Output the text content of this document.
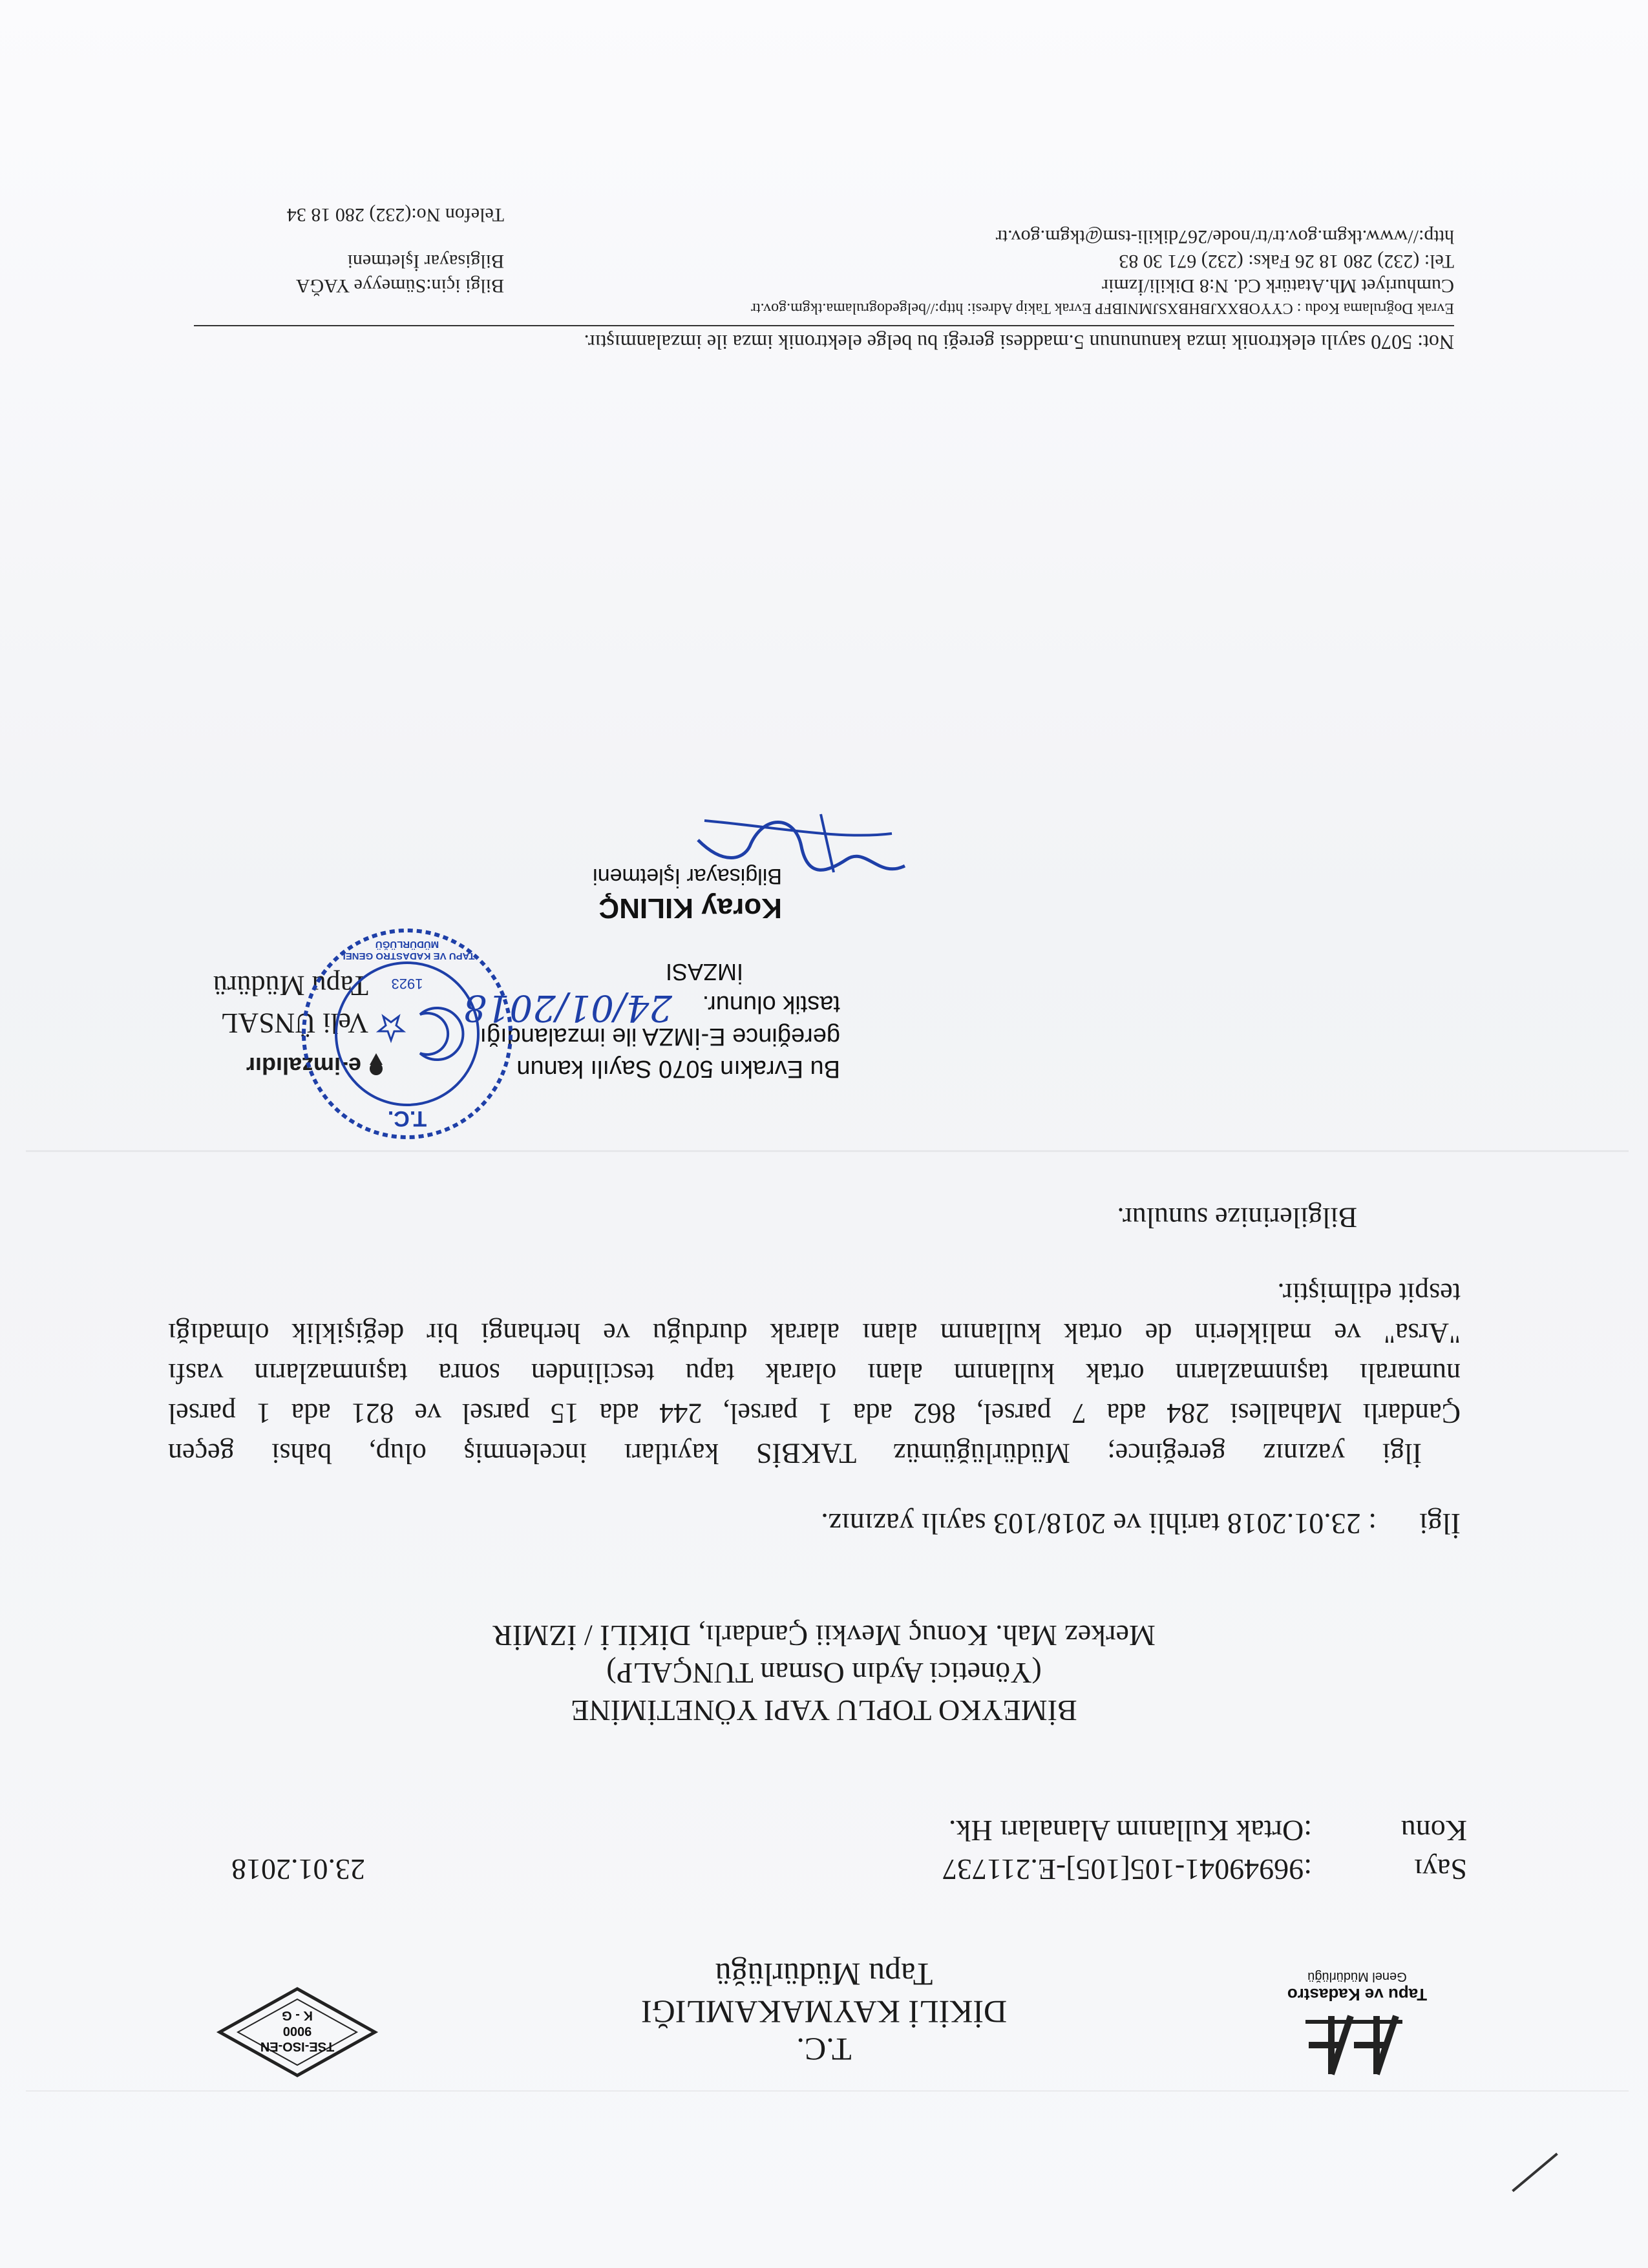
T.C.
DİKİLİ KAYMAKAMLIĞI
Tapu Müdürlüğü
Tapu ve Kadastro
Genel Müdürlüğü
TSE-ISO-EN
9000
K - G
Sayı
:96949041-105[105]-E.211737
23.01.2018
Konu
:Ortak Kullanım Alanaları Hk.
BİMEYKO TOPLU YAPI YÖNETİMİNE
(Yönetici Aydın Osman TUNÇALP)
Merkez Mah. Konuç Mevkii Çandarlı, DİKİLİ / İZMİR
İlgi
: 23.01.2018 tarihli ve 2018/103 sayılı yazınız.
İlgi yazınız gereğince; Müdürlüğümüz TAKBİS kayıtları incelenmiş olup, bahsi geçen
Çandarlı Mahallesi 284 ada 7 parsel, 862 ada 1 parsel, 244 ada 15 parsel ve 821 ada 1 parsel
numaralı taşınmazların ortak kullanım alanı olarak tapu tescilinden sonra taşınmazların vasfı
"Arsa" ve maliklerin de ortak kullanım alanı alarak durduğu ve herhangi bir değişiklik olmadığı
tespit edilmiştir.
Bilgilerinize sunulur.
e-imzalıdır
Veli ÜNSAL
Tapu Müdürü
Bu Evrakın 5070 Sayılı kanun
gereğince E-İMZA ile imzalandığı
tastik olunur.
24/01/2018
İMZASI
Koray KILINÇ
Bilgisayar İşletmeni
T.C.
TAPU VE KADASTRO GENEL MÜDÜRLÜĞÜ
1923
Not: 5070 sayılı elektronik imza kanununun 5.maddesi gereği bu belge elektronik imza ile imzalanmıştır.
Evrak Doğrulama Kodu : CYYOBXXJBHBXSJMNIBFP Evrak Takip Adresi: http://belgedogrulama.tkgm.gov.tr
Cumhuriyet Mh.Atatürk Cd. N:8 Dikili/İzmir
Tel: (232) 280 18 26 Faks: (232) 671 30 83
http://www.tkgm.gov.tr/tr/node/267dikili-tsm@tkgm.gov.tr
Bilgi için:Sümeyye YAĞA
Bilgisayar İşletmeni
Telefon No:(232) 280 18 34
